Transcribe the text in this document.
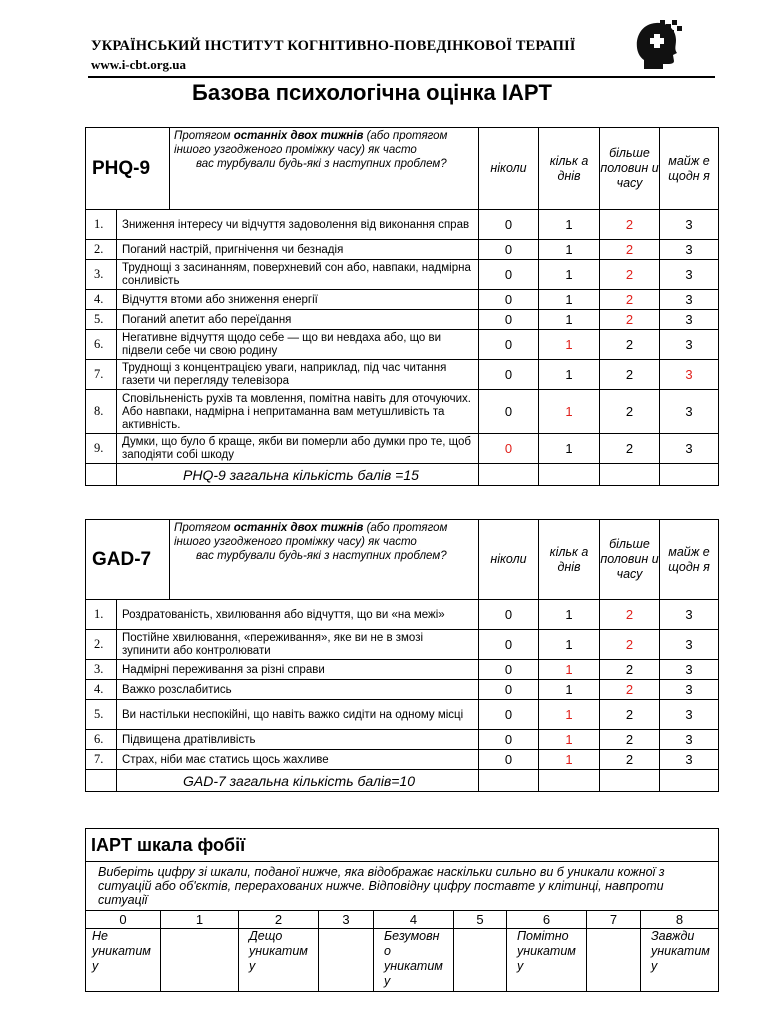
УКРАЇНСЬКИЙ ІНСТИТУТ КОГНІТИВНО-ПОВЕДІНКОВОЇ ТЕРАПІЇ
www.i-cbt.org.ua
Базова психологічна оцінка IAPT
PHQ-9		Протягом останніх двох тижнів (або протягом
іншого узгодженого проміжку часу) як часто
вас турбували будь-які з наступних проблем?	ніколи	кільк а днів	більше половин и часу	майж е щодн я
1.	Зниження інтересу чи відчуття задоволення від виконання справ		0	1	2	3
2.	Поганий настрій, пригнічення чи безнадія		0	1	2	3
3.	Труднощі з засинанням, поверхневий сон або, навпаки, надмірна сонливість		0	1	2	3
4.	Відчуття втоми або зниження енергії		0	1	2	3
5.	Поганий апетит або переїдання		0	1	2	3
6.	Негативне відчуття щодо себе — що ви невдаха або, що ви підвели себе чи свою родину		0	1	2	3
7.	Труднощі з концентрацією уваги, наприклад, під час читання газети чи перегляду телевізора		0	1	2	3
8.	Сповільненість рухів та мовлення, помітна навіть для оточуючих. Або навпаки, надмірна і непритаманна вам метушливість та активність.		0	1	2	3
9.	Думки, що було б краще, якби ви померли або думки про те, щоб заподіяти собі шкоду		0	1	2	3
	PHQ-9 загальна кількість балів =15					
GAD-7		Протягом останніх двох тижнів (або протягом
іншого узгодженого проміжку часу) як часто
вас турбували будь-які з наступних проблем?	ніколи	кільк а днів	більше половин и часу	майж е щодн я
1.	Роздратованість, хвилювання або відчуття, що ви «на межі»		0	1	2	3
2.	Постійне хвилювання, «переживання», яке ви не в змозі зупинити або контролювати		0	1	2	3
3.	Надмірні переживання за різні справи		0	1	2	3
4.	Важко розслабитись		0	1	2	3
5.	Ви настільки неспокійні, що навіть важко сидіти на одному місці		0	1	2	3
6.	Підвищена дратівливість		0	1	2	3
7.	Страх, ніби має статись щось жахливе		0	1	2	3
	GAD-7 загальна кількість балів=10					
IAPT шкала фобії								
Виберіть цифру зі шкали, поданої нижче, яка відображає наскільки сильно ви б уникали кожної з ситуацій або об'єктів, перерахованих нижче. Відповідну цифру поставте у клітинці, навпроти ситуації								
0	1	2	3	4	5	6	7	8
Не уникатим у		Дещо уникатим у		Безумовн о уникатим у		Помітно уникатим у		Завжди уникатим у
